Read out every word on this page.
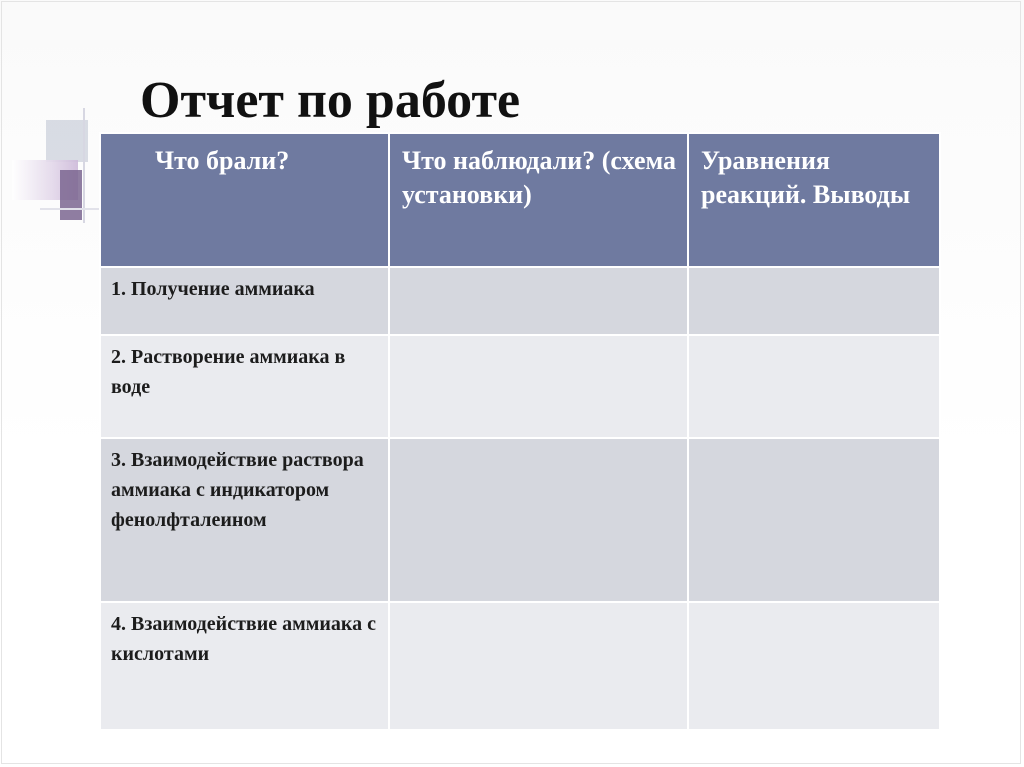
Отчет по работе
Что брали?	Что наблюдали? (схема установки)	Уравнения реакций. Выводы
1. Получение аммиака		
2. Растворение аммиака в воде		
3. Взаимодействие раствора аммиака с индикатором фенолфталеином		
4. Взаимодействие аммиака с кислотами		
